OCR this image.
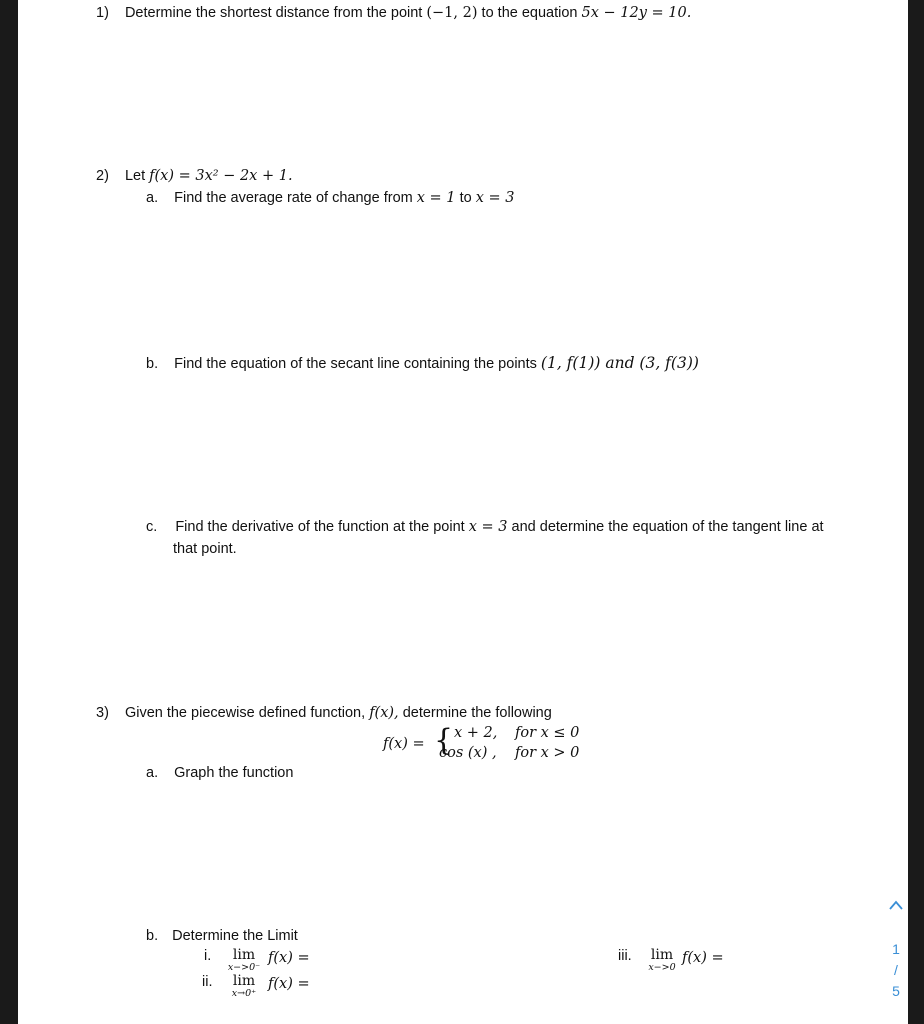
1) Determine the shortest distance from the point (−1, 2) to the equation 5x − 12y = 10.
2) Let f(x) = 3x² − 2x + 1.
a. Find the average rate of change from x = 1 to x = 3
b. Find the equation of the secant line containing the points (1, f(1)) and (3, f(3))
c. Find the derivative of the function at the point x = 3 and determine the equation of the tangent line at
that point.
3) Given the piecewise defined function, f(x), determine the following
f(x) = { x + 2, for x ≤ 0
cos (x) , for x > 0
a. Graph the function
b. Determine the Limit
i.	lim
x−>0⁻
f(x) =
ii.	lim
x→0⁺
f(x) =
iii.	lim
x−>0
f(x) =
1
/
5
